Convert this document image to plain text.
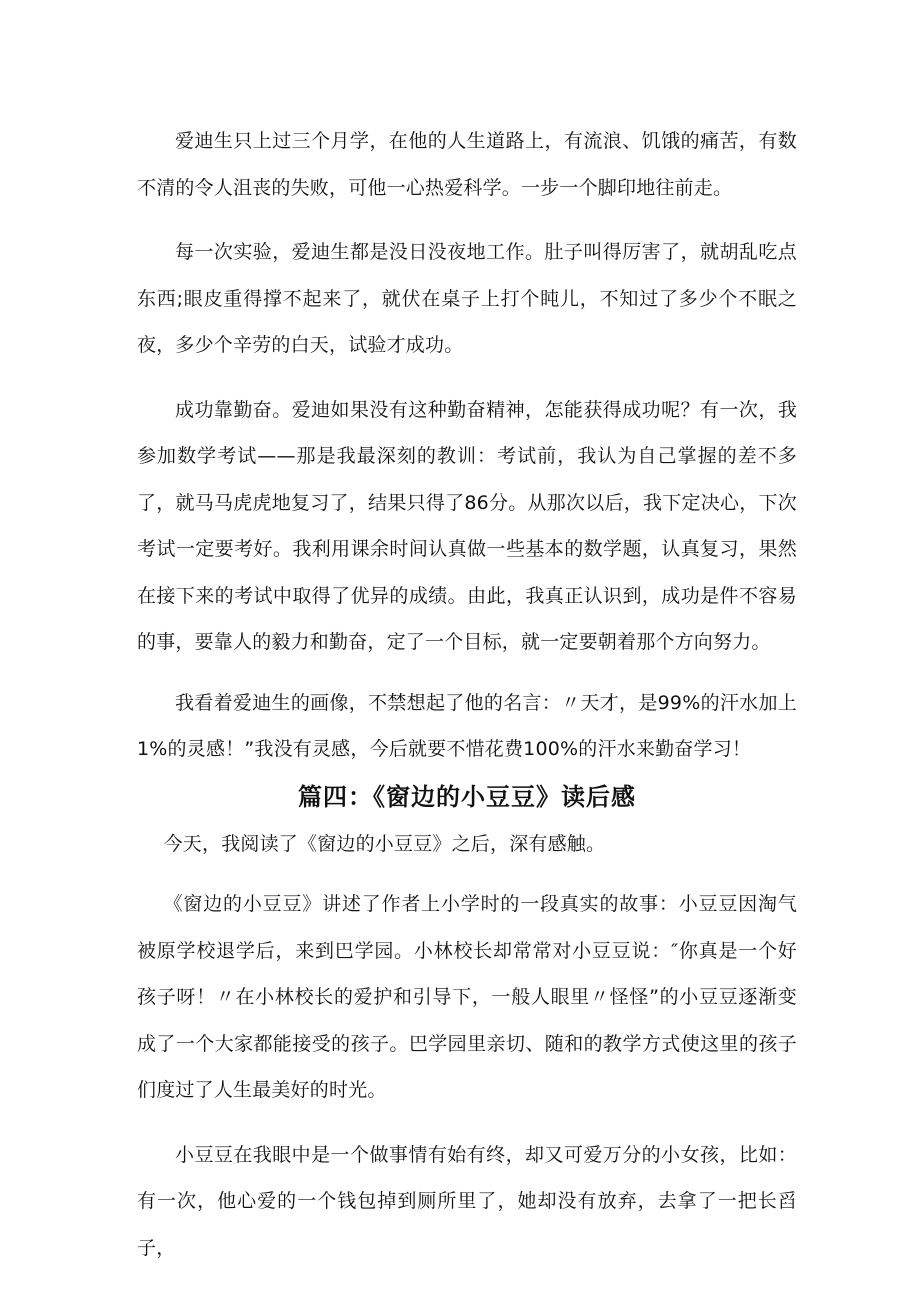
爱迪生只上过三个月学，在他的人生道路上，有流浪、饥饿的痛苦，有数不清的令人沮丧的失败，可他一心热爱科学。一步一个脚印地往前走。

每一次实验，爱迪生都是没日没夜地工作。肚子叫得厉害了，就胡乱吃点东西;眼皮重得撑不起来了，就伏在桌子上打个盹儿，不知过了多少个不眠之夜，多少个辛劳的白天，试验才成功。

成功靠勤奋。爱迪如果没有这种勤奋精神，怎能获得成功呢？有一次，我参加数学考试——那是我最深刻的教训：考试前，我认为自己掌握的差不多了，就马马虎虎地复习了，结果只得了86分。从那次以后，我下定决心，下次考试一定要考好。我利用课余时间认真做一些基本的数学题，认真复习，果然在接下来的考试中取得了优异的成绩。由此，我真正认识到，成功是件不容易的事，要靠人的毅力和勤奋，定了一个目标，就一定要朝着那个方向努力。

我看着爱迪生的画像，不禁想起了他的名言：〃天才，是99%的汗水加上1%的灵感！”我没有灵感，今后就要不惜花费100%的汗水来勤奋学习！

篇四：《窗边的小豆豆》读后感

今天，我阅读了《窗边的小豆豆》之后，深有感触。

《窗边的小豆豆》讲述了作者上小学时的一段真实的故事：小豆豆因淘气被原学校退学后，来到巴学园。小林校长却常常对小豆豆说：″你真是一个好孩子呀！〃在小林校长的爱护和引导下，一般人眼里〃怪怪”的小豆豆逐渐变成了一个大家都能接受的孩子。巴学园里亲切、随和的教学方式使这里的孩子们度过了人生最美好的时光。

小豆豆在我眼中是一个做事情有始有终，却又可爱万分的小女孩，比如：有一次，他心爱的一个钱包掉到厕所里了，她却没有放弃，去拿了一把长舀子，
